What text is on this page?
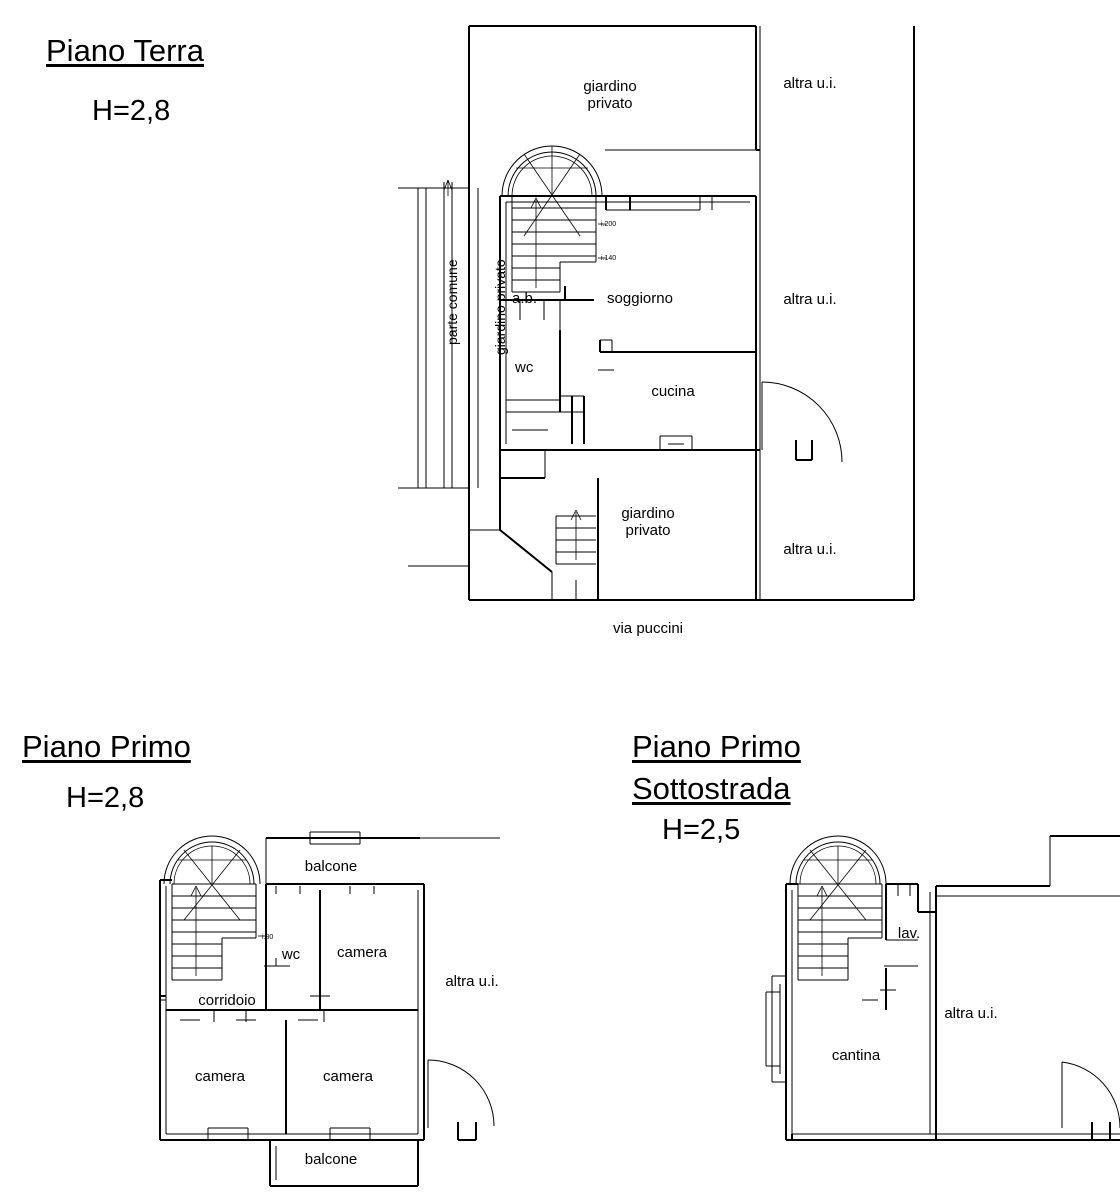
Piano Terra
H=2,8
giardino
privato
altra u.i.
altra u.i.
altra u.i.
soggiorno
cucina
wc
a.b.
giardino
privato
via puccini
parte comune giardino privato
i.200
i.140
Piano Primo
H=2,8
balcone
balcone
wc camera
corridoio
camera	camera
altra u.i.
i.80
Piano Primo
Sottostrada
H=2,5
lav.
cantina
altra u.i.
